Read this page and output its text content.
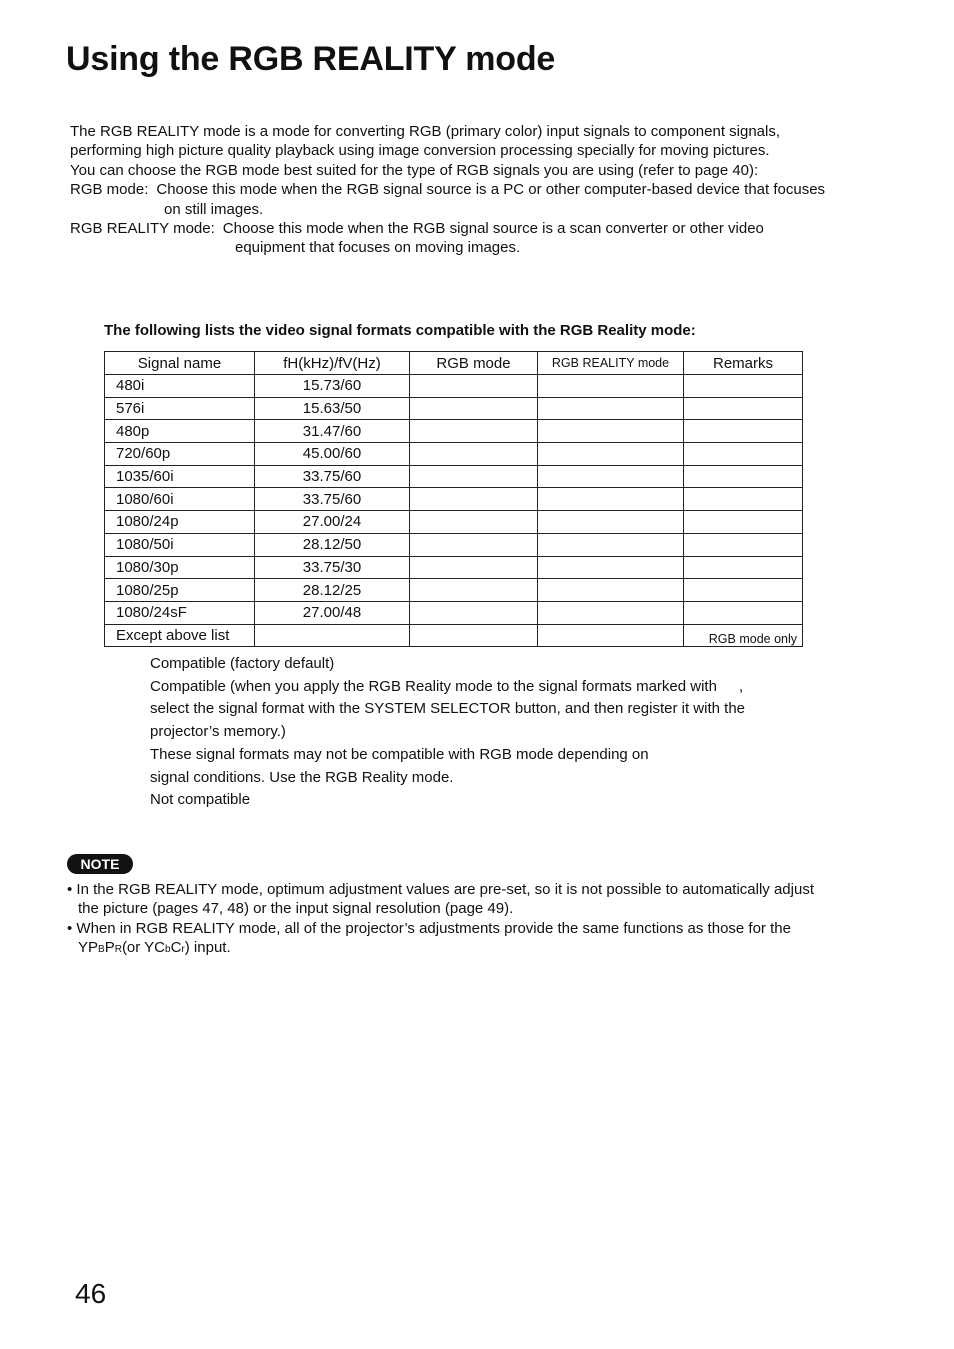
Using the RGB REALITY mode
The RGB REALITY mode is a mode for converting RGB (primary color) input signals to component signals,
performing high picture quality playback using image conversion processing specially for moving pictures.
You can choose the RGB mode best suited for the type of RGB signals you are using (refer to page 40):
RGB mode: Choose this mode when the RGB signal source is a PC or other computer-based device that focuses
on still images.
RGB REALITY mode: Choose this mode when the RGB signal source is a scan converter or other video
equipment that focuses on moving images.
The following lists the video signal formats compatible with the RGB Reality mode:
Signal name	fH(kHz)/fV(Hz)	RGB mode	RGB REALITY mode	Remarks
480i	15.73/60			
576i	15.63/50			
480p	31.47/60			
720/60p	45.00/60			
1035/60i	33.75/60			
1080/60i	33.75/60			
1080/24p	27.00/24			
1080/50i	28.12/50			
1080/30p	33.75/30			
1080/25p	28.12/25			
1080/24sF	27.00/48			
Except above list				RGB mode only

Compatible (factory default)

Compatible (when you apply the RGB Reality mode to the signal formats marked with ,

select the signal format with the SYSTEM SELECTOR button, and then register it with the

projector’s memory.)

These signal formats may not be compatible with RGB mode depending on

signal conditions. Use the RGB Reality mode.

Not compatible

NOTE
• In the RGB REALITY mode, optimum adjustment values are pre-set, so it is not possible to automatically adjust
the picture (pages 47, 48) or the input signal resolution (page 49).
• When in RGB REALITY mode, all of the projector’s adjustments provide the same functions as those for the
YPBPR(or YCbCr) input.
46
